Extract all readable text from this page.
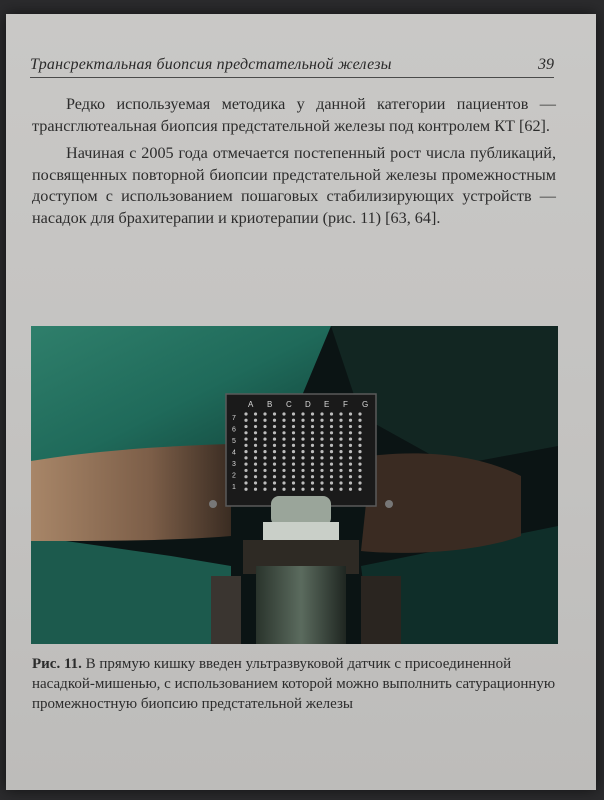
Трансректальная биопсия предстательной железы	39

Редко используемая методика у данной категории пациентов — трансглютеальная биопсия предстательной железы под контролем КТ [62].

Начиная с 2005 года отмечается постепенный рост числа публикаций, посвященных повторной биопсии предстательной железы промежностным доступом с использованием пошаговых стабилизирующих устройств — насадок для брахитерапии и криотерапии (рис. 11) [63, 64].

A B C D E F G
7
6
5
4
3
2
1
Рис. 11. В прямую кишку введен ультразвуковой датчик с присоединенной насадкой-мишенью, с использованием которой можно выполнить сатурационную промежностную биопсию предстательной железы
